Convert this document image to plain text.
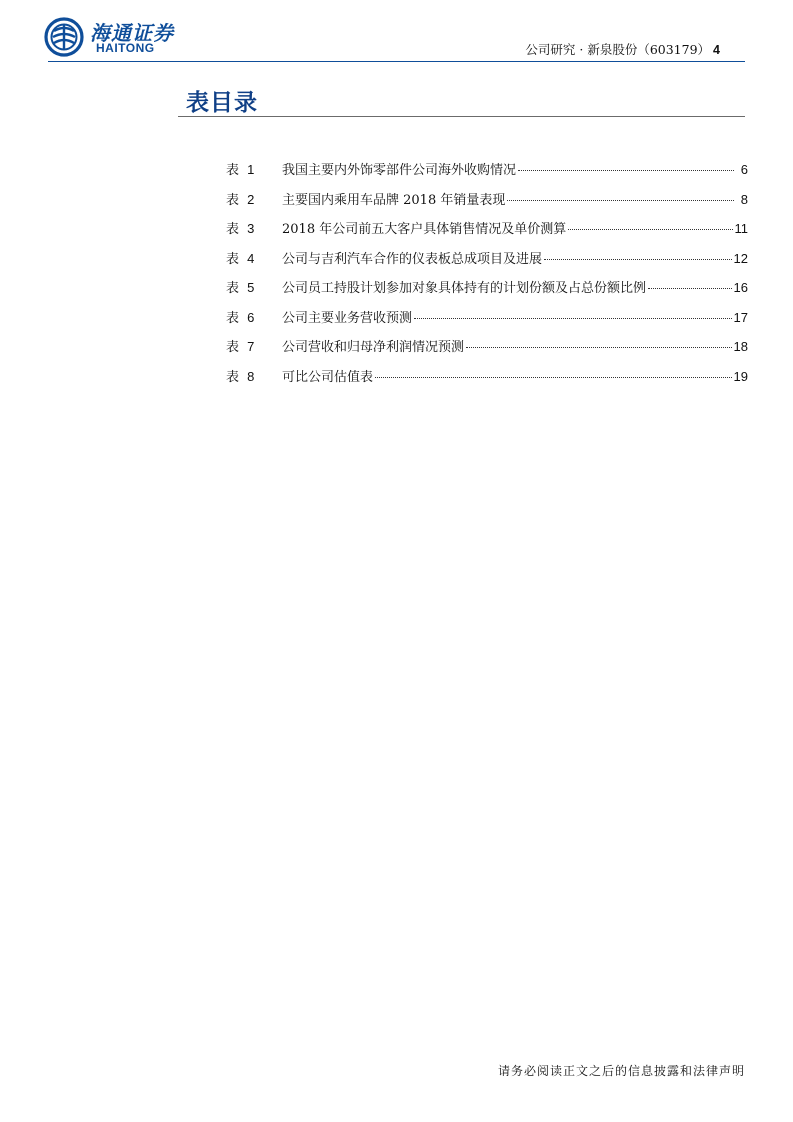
海通证券
HAITONG	公司研究 · 新泉股份（603179） 4
表目录
表 1	我国主要内外饰零部件公司海外收购情况	6
表 2	主要国内乘用车品牌 2018 年销量表现	8
表 3	2018 年公司前五大客户具体销售情况及单价测算	11
表 4	公司与吉利汽车合作的仪表板总成项目及进展	12
表 5	公司员工持股计划参加对象具体持有的计划份额及占总份额比例	16
表 6	公司主要业务营收预测	17
表 7	公司营收和归母净利润情况预测	18
表 8	可比公司估值表	19
请务必阅读正文之后的信息披露和法律声明
